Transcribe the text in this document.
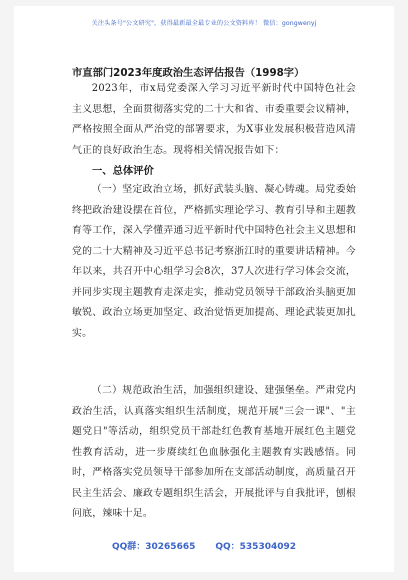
关注头条号"公文研究"，获得最新最全最专业的公文资料库！ 微信：gongwenyj
市直部门2023年度政治生态评估报告（1998字）
2023年，市x局党委深入学习习近平新时代中国特色社会主义思想，全面贯彻落实党的二十大和省、市委重要会议精神，严格按照全面从严治党的部署要求，为X事业发展积极营造风清气正的良好政治生态。现将相关情况报告如下：
一、总体评价
（一）坚定政治立场，抓好武装头脑、凝心铸魂。局党委始终把政治建设摆在首位，严格抓实理论学习、教育引导和主题教育等工作，深入学懂弄通习近平新时代中国特色社会主义思想和党的二十大精神及习近平总书记考察浙江时的重要讲话精神。今年以来，共召开中心组学习会8次，37人次进行学习体会交流，并同步实现主题教育走深走实，推动党员领导干部政治头脑更加敏锐、政治立场更加坚定、政治觉悟更加提高、理论武装更加扎实。
（二）规范政治生活，加强组织建设、建强堡垒。严肃党内政治生活，认真落实组织生活制度，规范开展"三会一课"、"主题党日"等活动，组织党员干部赴红色教育基地开展红色主题党性教育活动，进一步赓续红色血脉强化主题教育实践感悟。同时，严格落实党员领导干部参加所在支部活动制度，高质量召开民主生活会、廉政专题组织生活会，开展批评与自我批评，刨根问底，辣味十足。
QQ群：30265665 QQ：535304092
